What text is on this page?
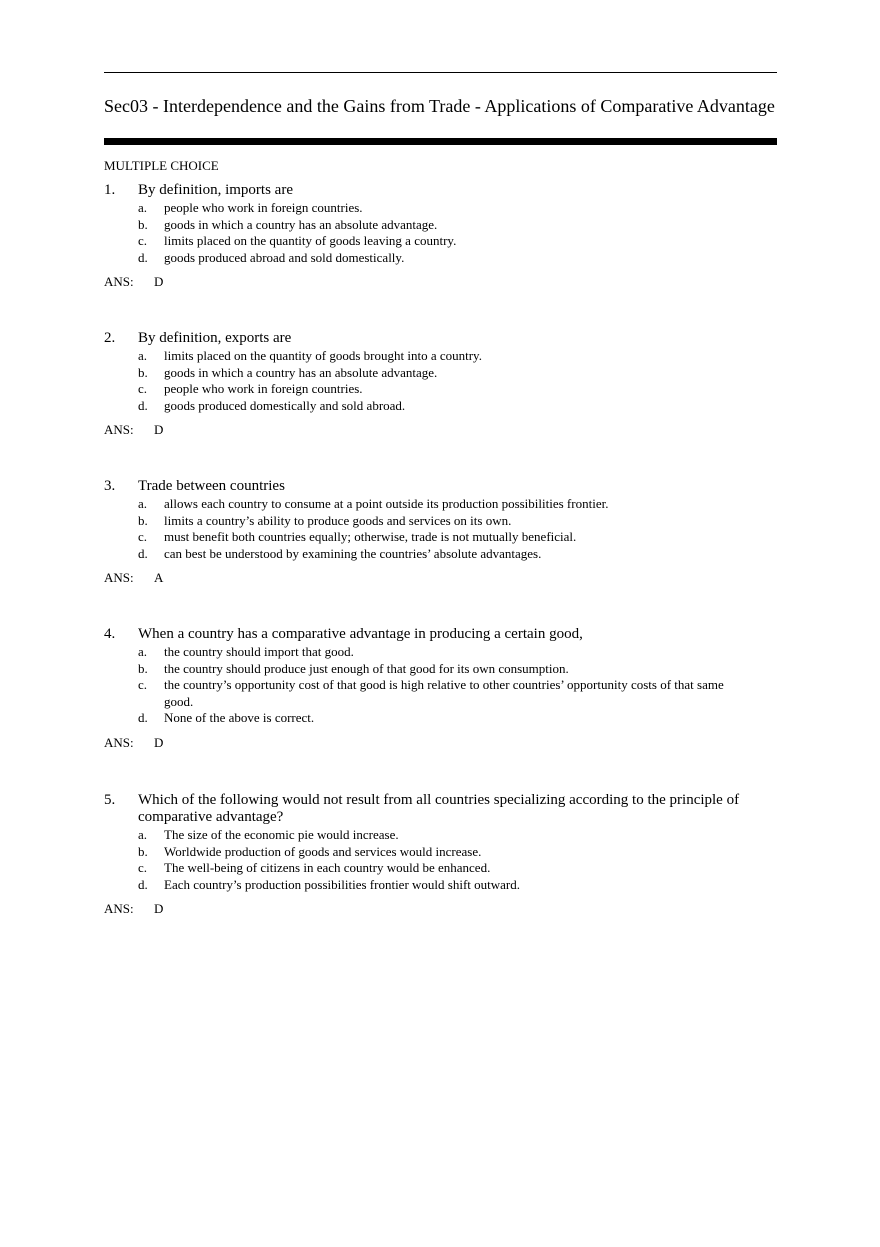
Sec03 - Interdependence and the Gains from Trade - Applications of Comparative Advantage
MULTIPLE CHOICE
1.	By definition, imports are
a.	people who work in foreign countries.
b.	goods in which a country has an absolute advantage.
c.	limits placed on the quantity of goods leaving a country.
d.	goods produced abroad and sold domestically.
ANS:	D
2.	By definition, exports are
a.	limits placed on the quantity of goods brought into a country.
b.	goods in which a country has an absolute advantage.
c.	people who work in foreign countries.
d.	goods produced domestically and sold abroad.
ANS:	D
3.	Trade between countries
a.	allows each country to consume at a point outside its production possibilities frontier.
b.	limits a country’s ability to produce goods and services on its own.
c.	must benefit both countries equally; otherwise, trade is not mutually beneficial.
d.	can best be understood by examining the countries’ absolute advantages.
ANS:	A
4.	When a country has a comparative advantage in producing a certain good,
a.	the country should import that good.
b.	the country should produce just enough of that good for its own consumption.
c.	the country’s opportunity cost of that good is high relative to other countries’ opportunity costs of that same good.
d.	None of the above is correct.
ANS:	D
5.	Which of the following would not result from all countries specializing according to the principle of comparative advantage?
a.	The size of the economic pie would increase.
b.	Worldwide production of goods and services would increase.
c.	The well-being of citizens in each country would be enhanced.
d.	Each country’s production possibilities frontier would shift outward.
ANS:	D
